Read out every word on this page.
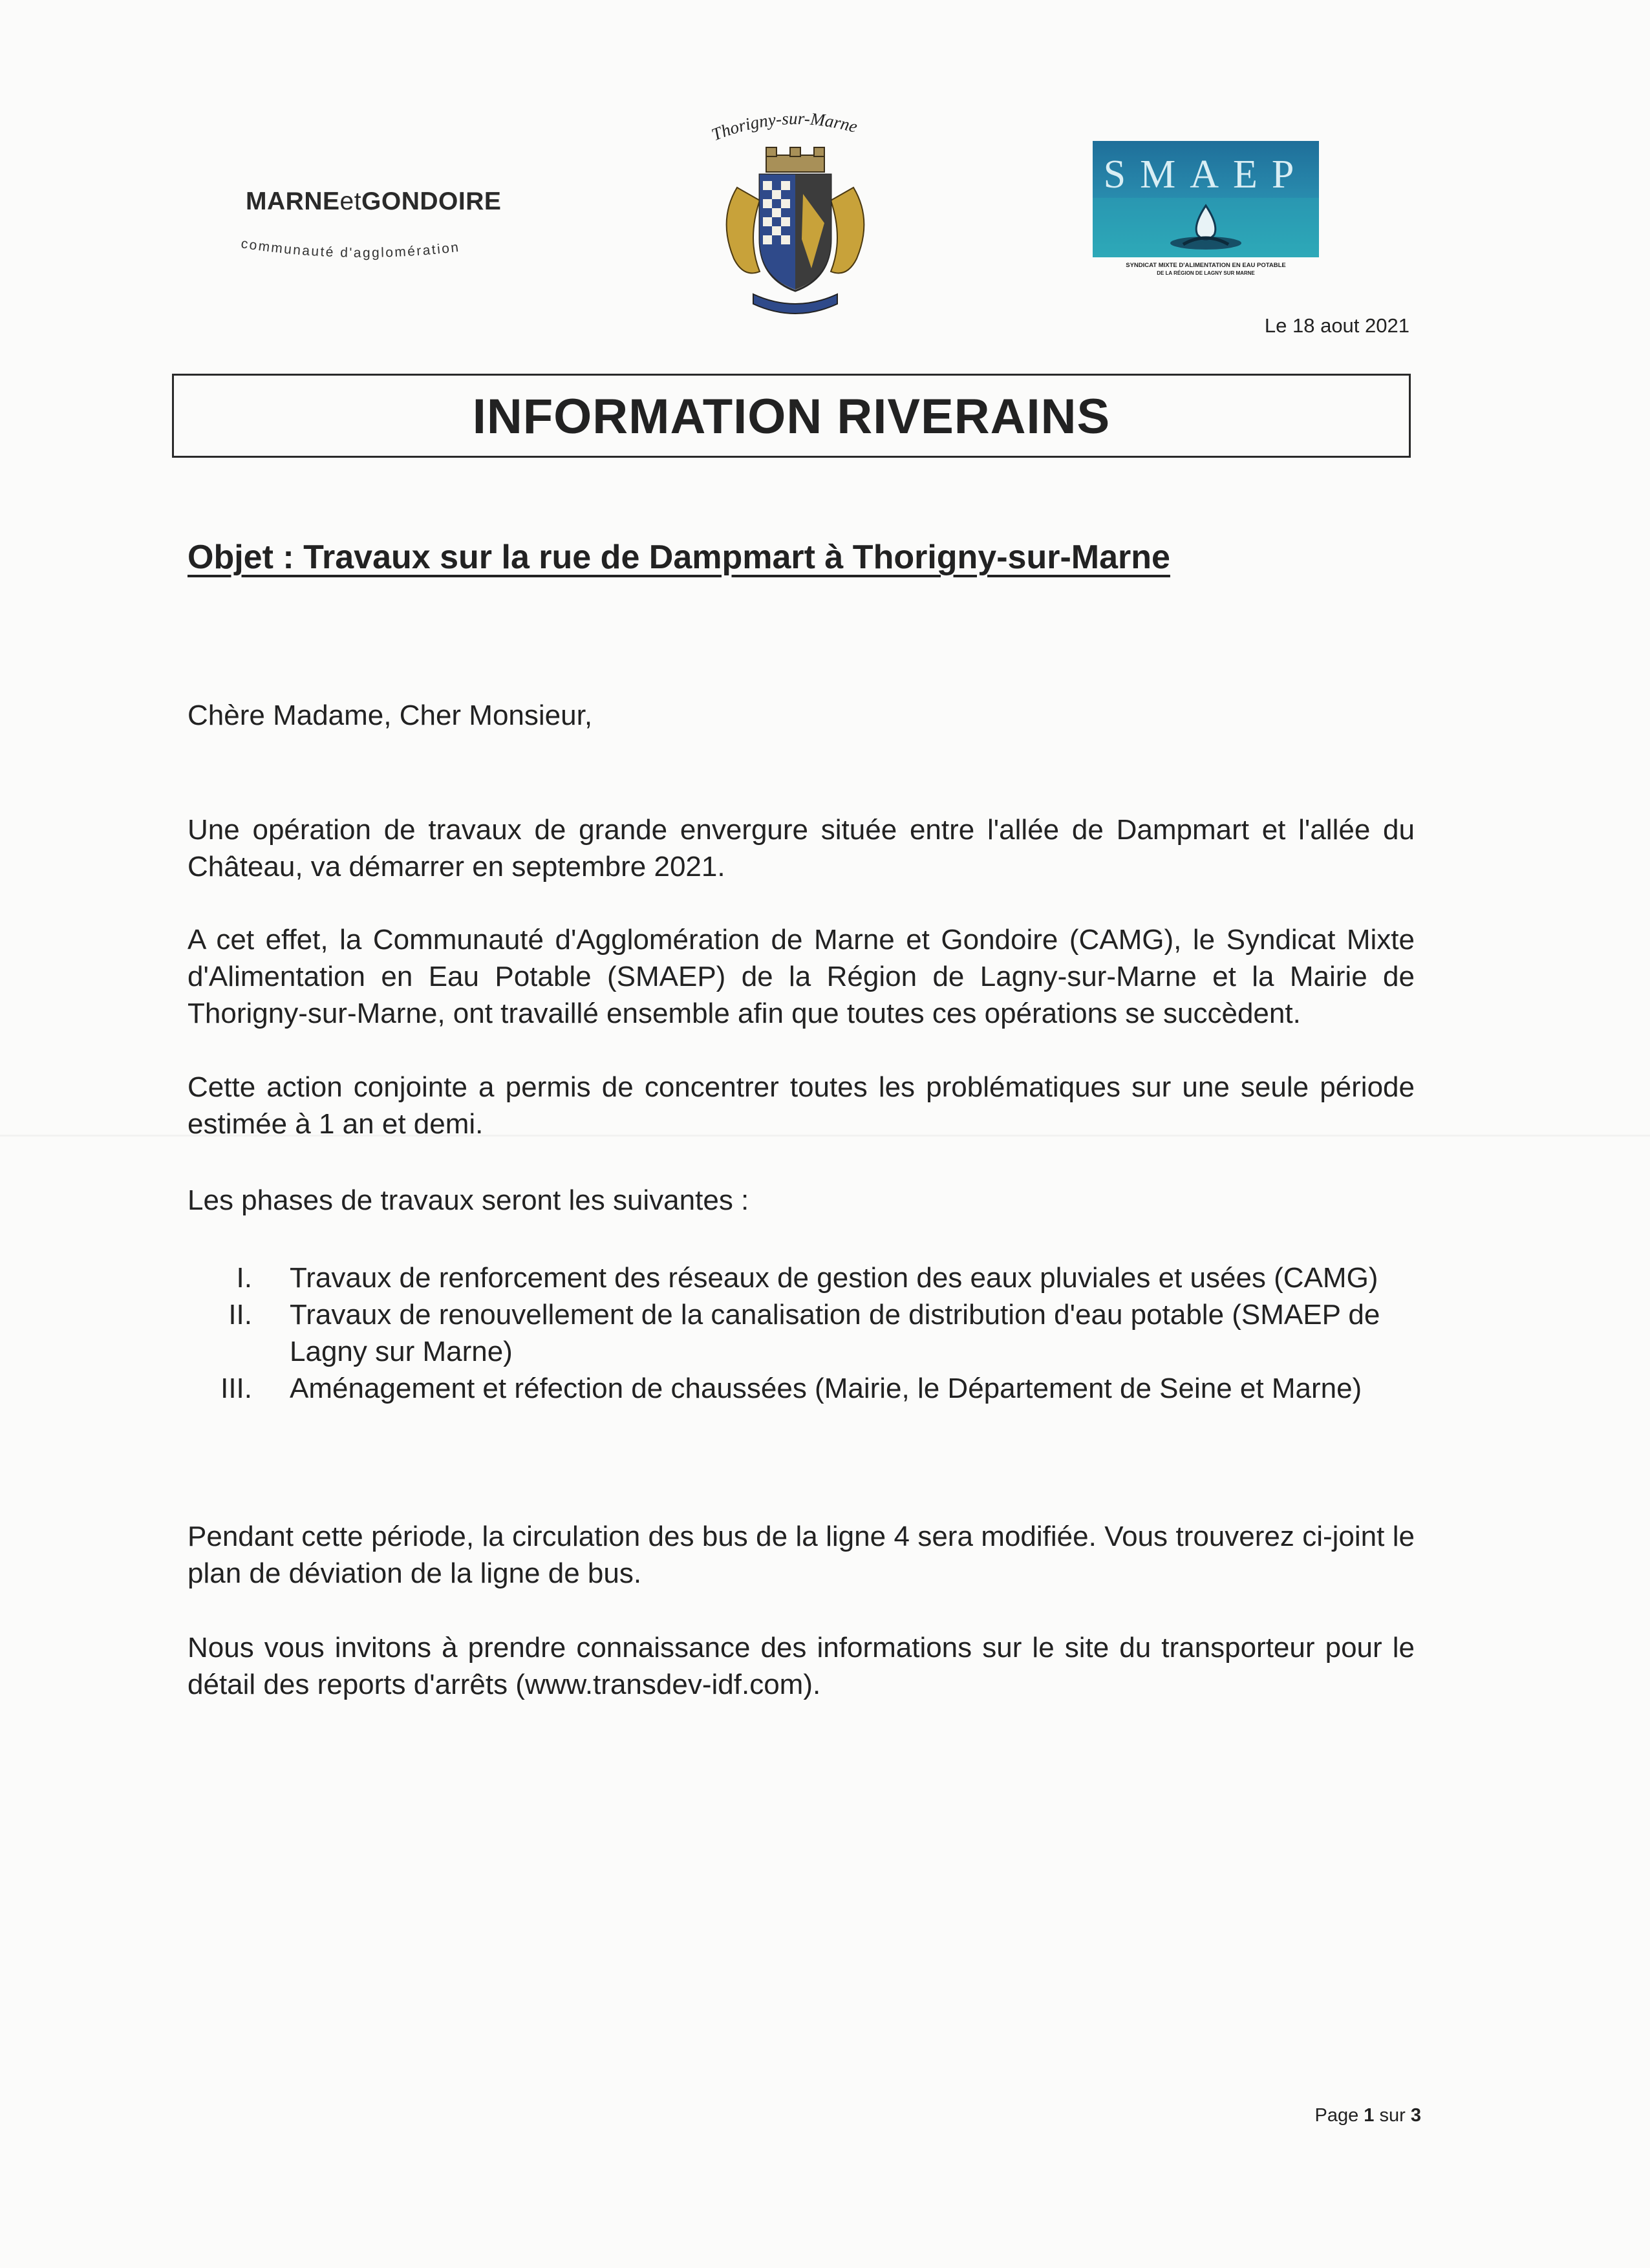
MARNEetGONDOIRE
communauté d'agglomération
Thorigny-sur-Marne
SMAEP
SYNDICAT MIXTE D'ALIMENTATION EN EAU POTABLE
DE LA RÉGION DE LAGNY SUR MARNE
Le 18 aout 2021
INFORMATION RIVERAINS
Objet : Travaux sur la rue de Dampmart à Thorigny-sur-Marne
Chère Madame, Cher Monsieur,
Une opération de travaux de grande envergure située entre l'allée de Dampmart et l'allée du Château, va démarrer en septembre 2021.
A cet effet, la Communauté d'Agglomération de Marne et Gondoire (CAMG), le Syndicat Mixte d'Alimentation en Eau Potable (SMAEP) de la Région de Lagny-sur-Marne et la Mairie de Thorigny-sur-Marne, ont travaillé ensemble afin que toutes ces opérations se succèdent.
Cette action conjointe a permis de concentrer toutes les problématiques sur une seule période estimée à 1 an et demi.
Les phases de travaux seront les suivantes :
I. Travaux de renforcement des réseaux de gestion des eaux pluviales et usées (CAMG)
II. Travaux de renouvellement de la canalisation de distribution d'eau potable (SMAEP de Lagny sur Marne)
III. Aménagement et réfection de chaussées (Mairie, le Département de Seine et Marne)
Pendant cette période, la circulation des bus de la ligne 4 sera modifiée. Vous trouverez ci-joint le plan de déviation de la ligne de bus.
Nous vous invitons à prendre connaissance des informations sur le site du transporteur pour le détail des reports d'arrêts (www.transdev-idf.com).
Page 1 sur 3
